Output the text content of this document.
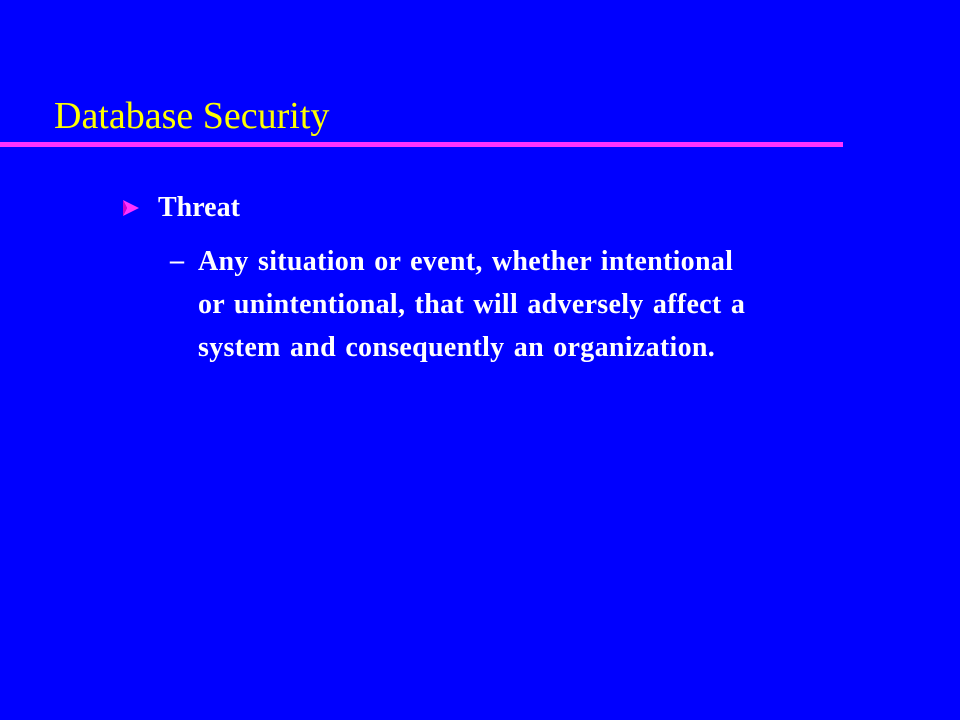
Database Security
Threat
– Any situation or event, whether intentional
or unintentional, that will adversely affect a
system and consequently an organization.
